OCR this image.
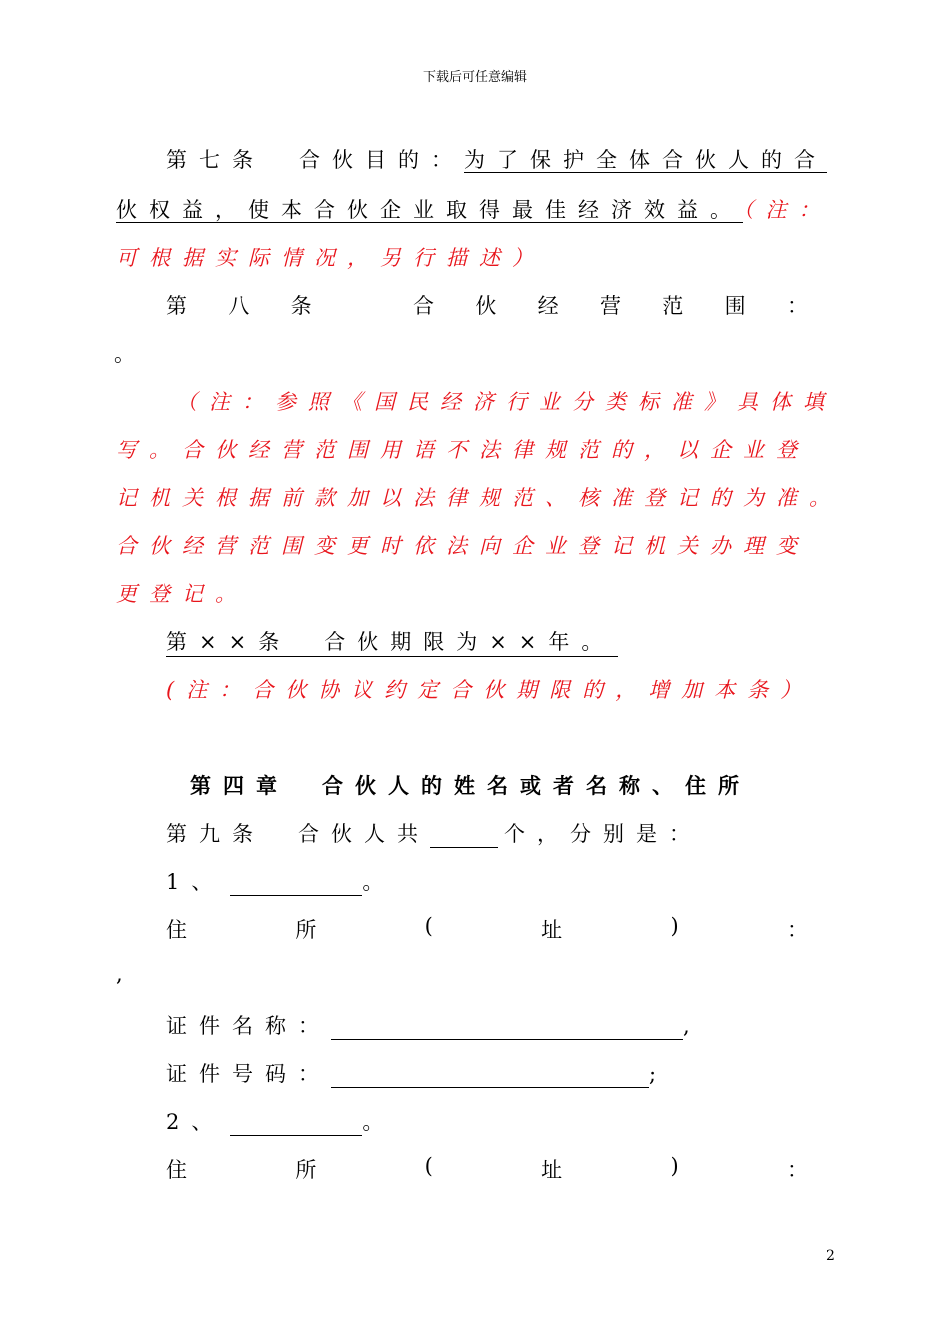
下载后可任意编辑
第七条 合伙目的：为了保护全体合伙人的合
伙权益，使本合伙企业取得最佳经济效益。（注：
可根据实际情况，另行描述）
第 八 条	合 伙 经 营 范 围 ：
。
（注：参照《国民经济行业分类标准》具体填
写。合伙经营范围用语不法律规范的，以企业登
记机关根据前款加以法律规范、核准登记的为准。
合伙经营范围变更时依法向企业登记机关办理变
更登记。
第××条　合伙期限为××年。
(注：合伙协议约定合伙期限的，增加本条）
第四章　合伙人的姓名或者名称、住所
第九条　合伙人共	个，分别是：
1、	。
住	所	(	址	)	：
,
证件名称：	,
证件号码：	;
2、	。
住	所	(	址	)	：
2
